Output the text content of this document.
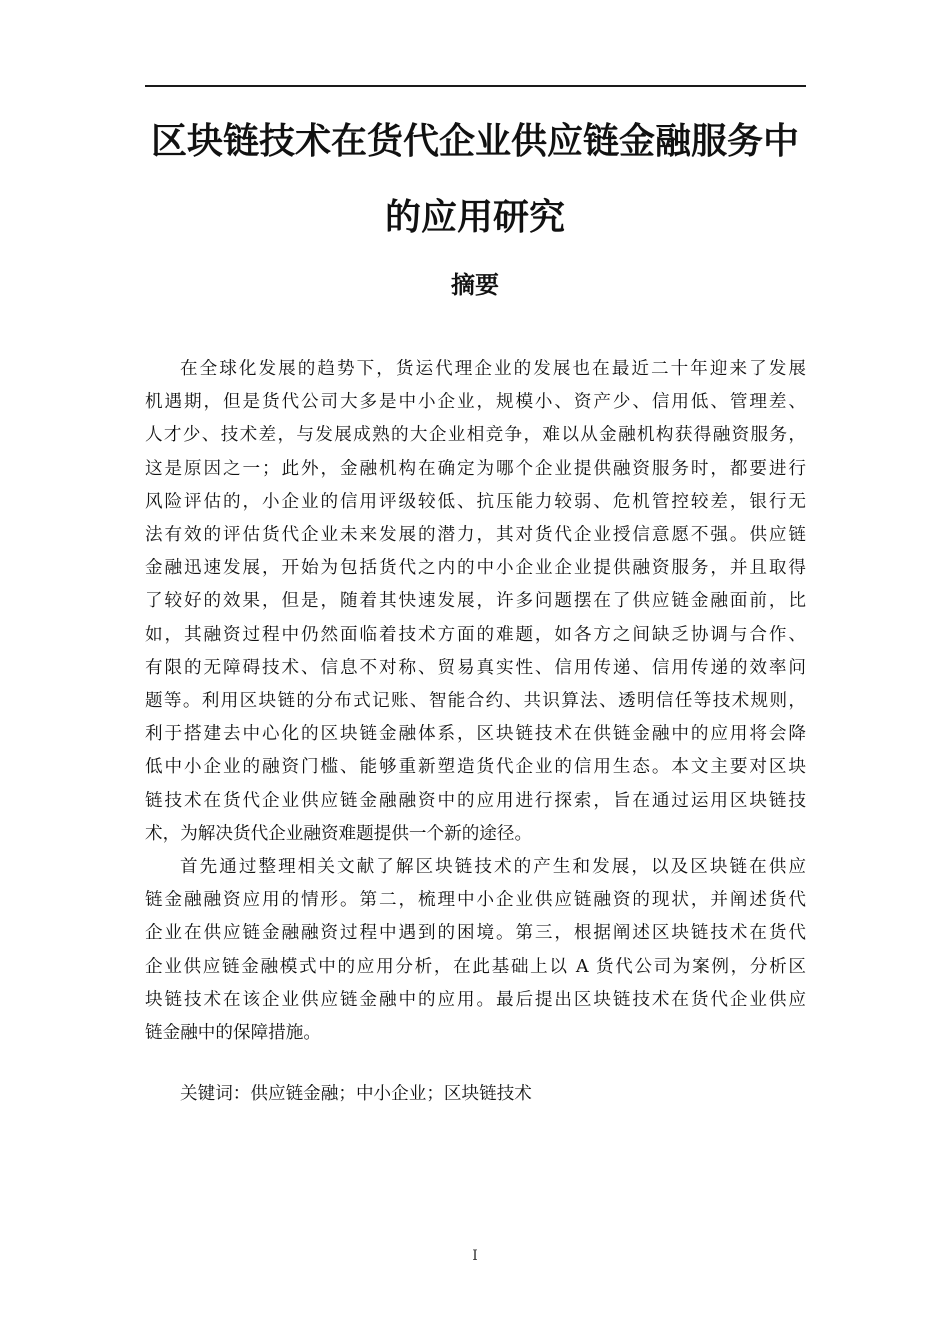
区块链技术在货代企业供应链金融服务中
的应用研究
摘要
在全球化发展的趋势下，货运代理企业的发展也在最近二十年迎来了发展
机遇期，但是货代公司大多是中小企业，规模小、资产少、信用低、管理差、
人才少、技术差，与发展成熟的大企业相竞争，难以从金融机构获得融资服务，
这是原因之一；此外，金融机构在确定为哪个企业提供融资服务时，都要进行
风险评估的，小企业的信用评级较低、抗压能力较弱、危机管控较差，银行无
法有效的评估货代企业未来发展的潜力，其对货代企业授信意愿不强。供应链
金融迅速发展，开始为包括货代之内的中小企业企业提供融资服务，并且取得
了较好的效果，但是，随着其快速发展，许多问题摆在了供应链金融面前，比
如，其融资过程中仍然面临着技术方面的难题，如各方之间缺乏协调与合作、
有限的无障碍技术、信息不对称、贸易真实性、信用传递、信用传递的效率问
题等。利用区块链的分布式记账、智能合约、共识算法、透明信任等技术规则，
利于搭建去中心化的区块链金融体系，区块链技术在供链金融中的应用将会降
低中小企业的融资门槛、能够重新塑造货代企业的信用生态。本文主要对区块
链技术在货代企业供应链金融融资中的应用进行探索，旨在通过运用区块链技
术，为解决货代企业融资难题提供一个新的途径。
首先通过整理相关文献了解区块链技术的产生和发展，以及区块链在供应
链金融融资应用的情形。第二，梳理中小企业供应链融资的现状，并阐述货代
企业在供应链金融融资过程中遇到的困境。第三，根据阐述区块链技术在货代
企业供应链金融模式中的应用分析，在此基础上以 A 货代公司为案例，分析区
块链技术在该企业供应链金融中的应用。最后提出区块链技术在货代企业供应
链金融中的保障措施。

关键词：供应链金融；中小企业；区块链技术

I
